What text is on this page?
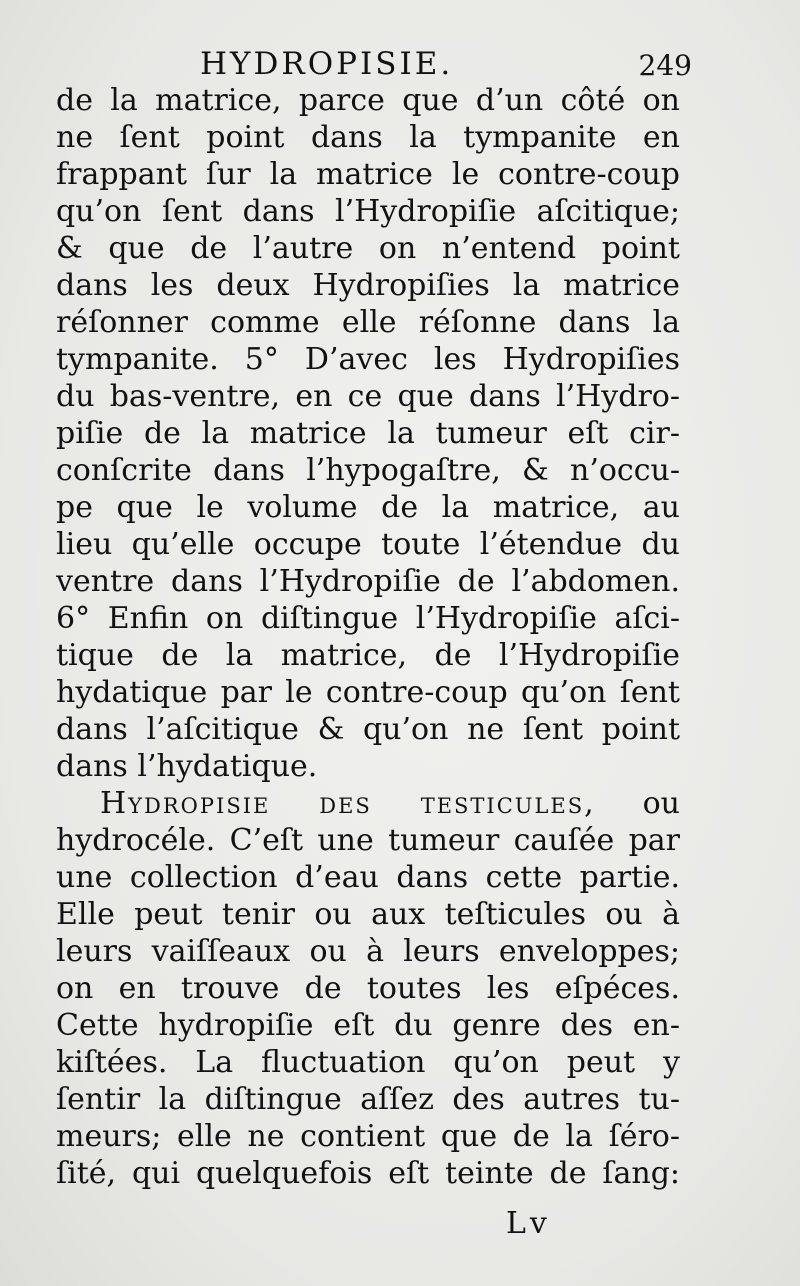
HYDROPISIE.	249
de la matrice, parce que d’un côté on
ne ſent point dans la tympanite en
frappant ſur la matrice le contre-coup
qu’on ſent dans l’Hydropiſie aſcitique;
& que de l’autre on n’entend point
dans les deux Hydropiſies la matrice
réſonner comme elle réſonne dans la
tympanite. 5° D’avec les Hydropiſies
du bas-ventre, en ce que dans l’Hydro-
piſie de la matrice la tumeur eſt cir-
conſcrite dans l’hypogaſtre, & n’occu-
pe que le volume de la matrice, au
lieu qu’elle occupe toute l’étendue du
ventre dans l’Hydropiſie de l’abdomen.
6° Enfin on diſtingue l’Hydropiſie aſci-
tique de la matrice, de l’Hydropiſie
hydatique par le contre-coup qu’on ſent
dans l’aſcitique & qu’on ne ſent point
dans l’hydatique.
Hydropisie des testicules, ou
hydrocéle. C’eſt une tumeur cauſée par
une collection d’eau dans cette partie.
Elle peut tenir ou aux teſticules ou à
leurs vaiſſeaux ou à leurs enveloppes;
on en trouve de toutes les eſpéces.
Cette hydropiſie eſt du genre des en-
kiſtées. La fluctuation qu’on peut y
ſentir la diſtingue aſſez des autres tu-
meurs; elle ne contient que de la ſéro-
ſité, qui quelquefois eſt teinte de ſang:
Lv
